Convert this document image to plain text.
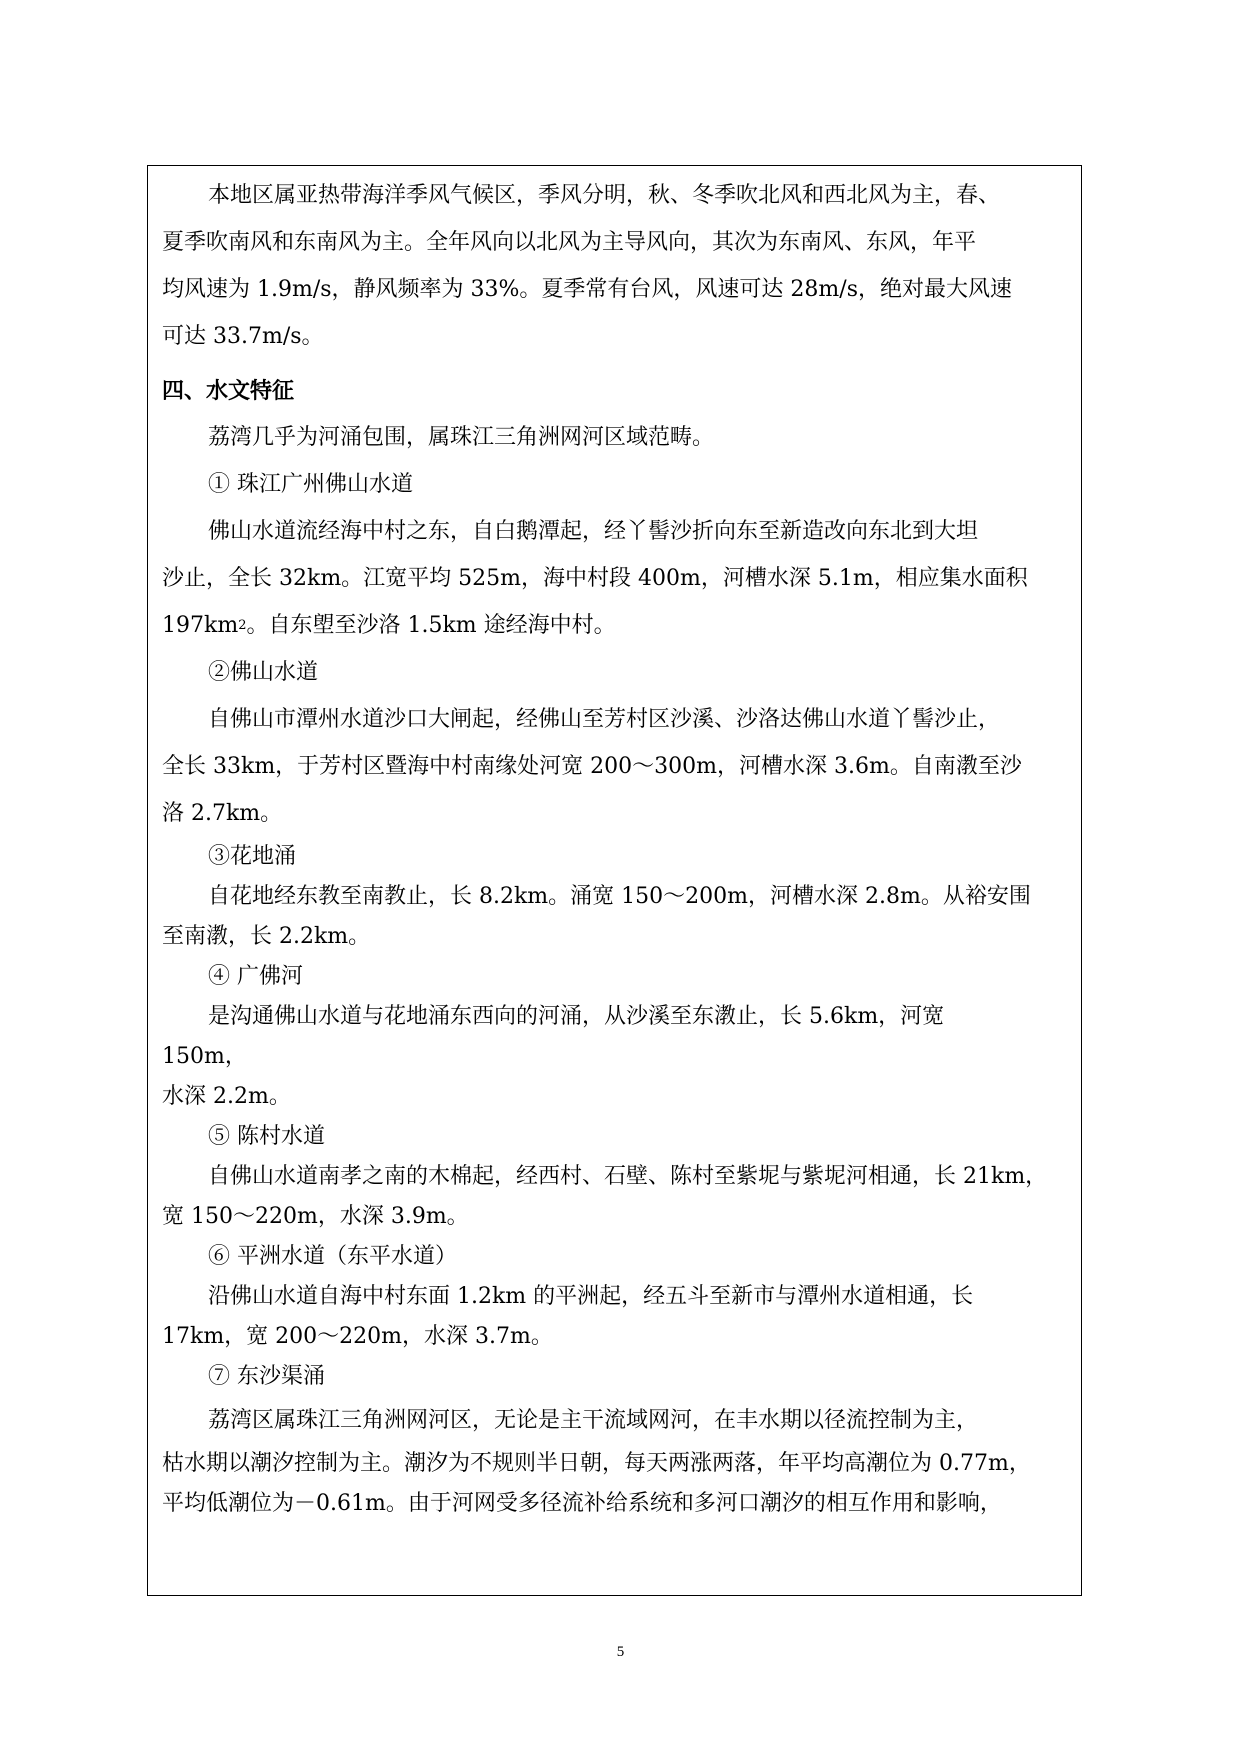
本地区属亚热带海洋季风气候区，季风分明，秋、冬季吹北风和西北风为主，春、
夏季吹南风和东南风为主。全年风向以北风为主导风向，其次为东南风、东风，年平
均风速为 1.9m/s，静风频率为 33%。夏季常有台风，风速可达 28m/s，绝对最大风速
可达 33.7m/s。
四、水文特征
荔湾几乎为河涌包围，属珠江三角洲网河区域范畴。
① 珠江广州佛山水道
佛山水道流经海中村之东，自白鹅潭起，经丫髻沙折向东至新造改向东北到大坦
沙止，全长 32km。江宽平均 525m，海中村段 400m，河槽水深 5.1m，相应集水面积
197km 2 。自东塱至沙洛 1.5km 途经海中村。
②佛山水道
自佛山市潭州水道沙口大闸起，经佛山至芳村区沙溪、沙洛达佛山水道丫髻沙止，
全长 33km，于芳村区暨海中村南缘处河宽 200～300m，河槽水深 3.6m。自南漖至沙
洛 2.7km。
③花地涌
自花地经东教至南教止，长 8.2km。涌宽 150～200m，河槽水深 2.8m。从裕安围
至南漖，长 2.2km。
④ 广佛河
是沟通佛山水道与花地涌东西向的河涌，从沙溪至东漖止，长 5.6km，河宽
150m，
水深 2.2m。
⑤ 陈村水道
自佛山水道南孝之南的木棉起，经西村、石壁、陈村至紫坭与紫坭河相通，长 21km，
宽 150～220m，水深 3.9m。
⑥ 平洲水道（东平水道）
沿佛山水道自海中村东面 1.2km 的平洲起，经五斗至新市与潭州水道相通，长
17km，宽 200～220m，水深 3.7m。
⑦ 东沙渠涌
荔湾区属珠江三角洲网河区，无论是主干流域网河，在丰水期以径流控制为主，
枯水期以潮汐控制为主。潮汐为不规则半日朝，每天两涨两落，年平均高潮位为 0.77m，
平均低潮位为－0.61m。由于河网受多径流补给系统和多河口潮汐的相互作用和影响，
5
